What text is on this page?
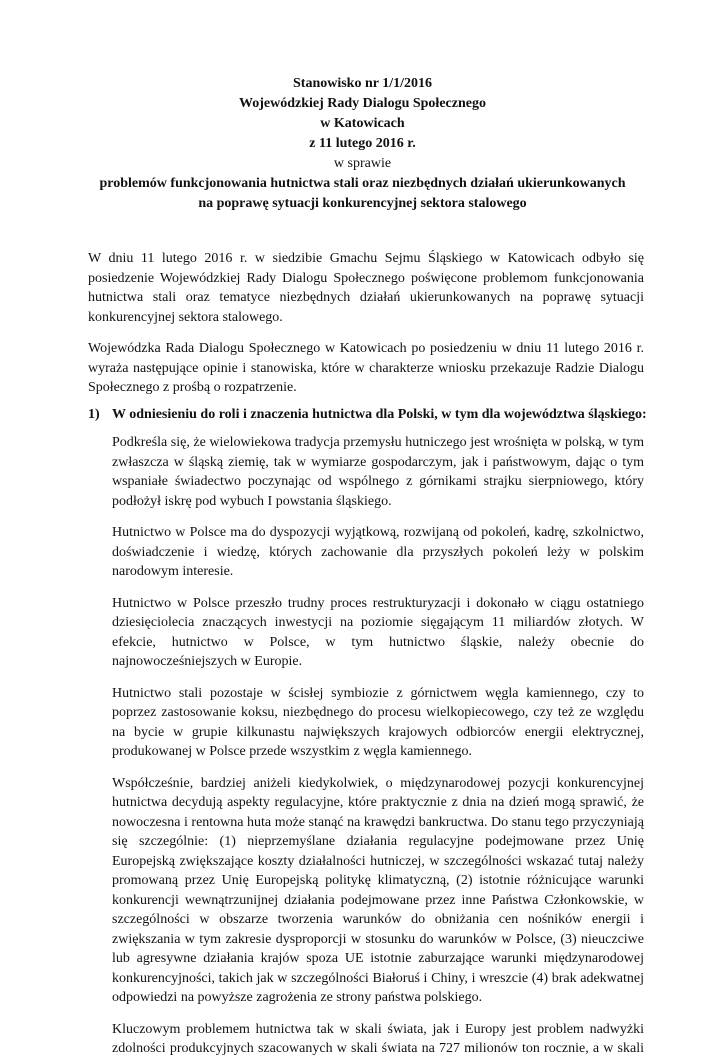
Stanowisko nr 1/1/2016
Wojewódzkiej Rady Dialogu Społecznego
w Katowicach
z 11 lutego 2016 r.
w sprawie
problemów funkcjonowania hutnictwa stali oraz niezbędnych działań ukierunkowanych
na poprawę sytuacji konkurencyjnej sektora stalowego

W dniu 11 lutego 2016 r. w siedzibie Gmachu Sejmu Śląskiego w Katowicach odbyło się posiedzenie Wojewódzkiej Rady Dialogu Społecznego poświęcone problemom funkcjonowania hutnictwa stali oraz tematyce niezbędnych działań ukierunkowanych na poprawę sytuacji konkurencyjnej sektora stalowego.

Wojewódzka Rada Dialogu Społecznego w Katowicach po posiedzeniu w dniu 11 lutego 2016 r. wyraża następujące opinie i stanowiska, które w charakterze wniosku przekazuje Radzie Dialogu Społecznego z prośbą o rozpatrzenie.

1) W odniesieniu do roli i znaczenia hutnictwa dla Polski, w tym dla województwa śląskiego:

Podkreśla się, że wielowiekowa tradycja przemysłu hutniczego jest wrośnięta w polską, w tym zwłaszcza w śląską ziemię, tak w wymiarze gospodarczym, jak i państwowym, dając o tym wspaniałe świadectwo poczynając od wspólnego z górnikami strajku sierpniowego, który podłożył iskrę pod wybuch I powstania śląskiego.

Hutnictwo w Polsce ma do dyspozycji wyjątkową, rozwijaną od pokoleń, kadrę, szkolnictwo, doświadczenie i wiedzę, których zachowanie dla przyszłych pokoleń leży w polskim narodowym interesie.

Hutnictwo w Polsce przeszło trudny proces restrukturyzacji i dokonało w ciągu ostatniego dziesięciolecia znaczących inwestycji na poziomie sięgającym 11 miliardów złotych. W efekcie, hutnictwo w Polsce, w tym hutnictwo śląskie, należy obecnie do najnowocześniejszych w Europie.

Hutnictwo stali pozostaje w ścisłej symbiozie z górnictwem węgla kamiennego, czy to poprzez zastosowanie koksu, niezbędnego do procesu wielkopiecowego, czy też ze względu na bycie w grupie kilkunastu największych krajowych odbiorców energii elektrycznej, produkowanej w Polsce przede wszystkim z węgla kamiennego.

Współcześnie, bardziej aniżeli kiedykolwiek, o międzynarodowej pozycji konkurencyjnej hutnictwa decydują aspekty regulacyjne, które praktycznie z dnia na dzień mogą sprawić, że nowoczesna i rentowna huta może stanąć na krawędzi bankructwa. Do stanu tego przyczyniają się szczególnie: (1) nieprzemyślane działania regulacyjne podejmowane przez Unię Europejską zwiększające koszty działalności hutniczej, w szczególności wskazać tutaj należy promowaną przez Unię Europejską politykę klimatyczną, (2) istotnie różnicujące warunki konkurencji wewnątrzunijnej działania podejmowane przez inne Państwa Członkowskie, w szczególności w obszarze tworzenia warunków do obniżania cen nośników energii i zwiększania w tym zakresie dysproporcji w stosunku do warunków w Polsce, (3) nieuczciwe lub agresywne działania krajów spoza UE istotnie zaburzające warunki międzynarodowej konkurencyjności, takich jak w szczególności Białoruś i Chiny, i wreszcie (4) brak adekwatnej odpowiedzi na powyższe zagrożenia ze strony państwa polskiego.

Kluczowym problemem hutnictwa tak w skali świata, jak i Europy jest problem nadwyżki zdolności produkcyjnych szacowanych w skali świata na 727 milionów ton rocznie, a w skali
